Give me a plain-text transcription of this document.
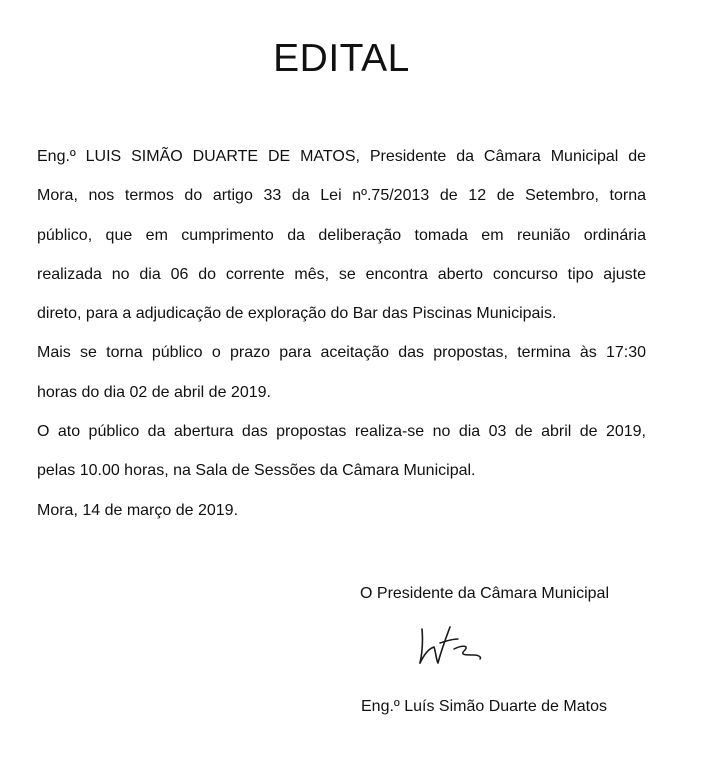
EDITAL

Eng.º LUIS SIMÃO DUARTE DE MATOS, Presidente da Câmara Municipal de
Mora, nos termos do artigo 33 da Lei nº.75/2013 de 12 de Setembro, torna
público, que em cumprimento da deliberação tomada em reunião ordinária
realizada no dia 06 do corrente mês, se encontra aberto concurso tipo ajuste
direto, para a adjudicação de exploração do Bar das Piscinas Municipais.

Mais se torna público o prazo para aceitação das propostas, termina às 17:30
horas do dia 02 de abril de 2019.

O ato público da abertura das propostas realiza-se no dia 03 de abril de 2019,
pelas 10.00 horas, na Sala de Sessões da Câmara Municipal.

Mora, 14 de março de 2019.

O Presidente da Câmara Municipal
Eng.º Luís Simão Duarte de Matos
